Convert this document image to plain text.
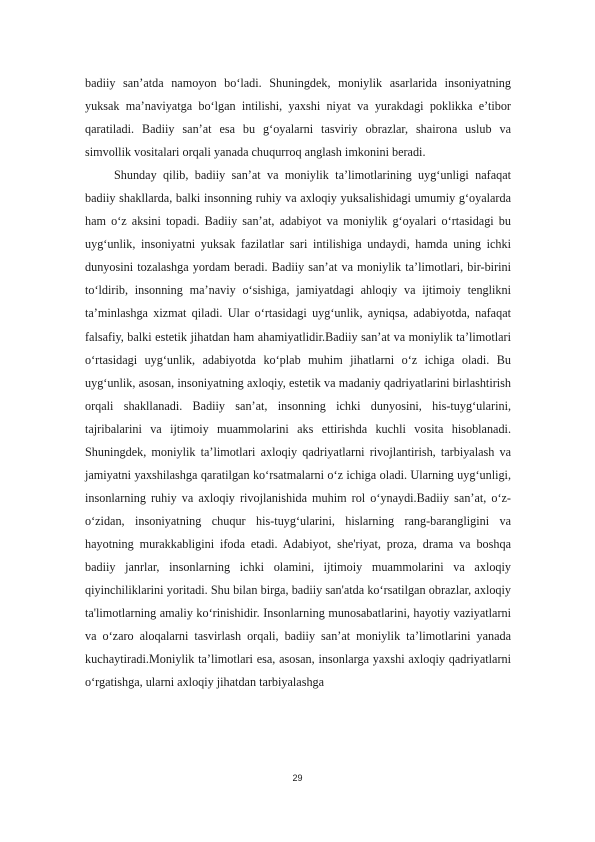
badiiy san’atda namoyon bo‘ladi. Shuningdek, moniylik asarlarida insoniyatning yuksak ma’naviyatga bo‘lgan intilishi, yaxshi niyat va yurakdagi poklikka e’tibor qaratiladi. Badiiy san’at esa bu g‘oyalarni tasviriy obrazlar, shairona uslub va simvollik vositalari orqali yanada chuqurroq anglash imkonini beradi.

Shunday qilib, badiiy san’at va moniylik ta’limotlarining uyg‘unligi nafaqat badiiy shakllarda, balki insonning ruhiy va axloqiy yuksalishidagi umumiy g‘oyalarda ham o‘z aksini topadi. Badiiy san’at, adabiyot va moniylik g‘oyalari o‘rtasidagi bu uyg‘unlik, insoniyatni yuksak fazilatlar sari intilishiga undaydi, hamda uning ichki dunyosini tozalashga yordam beradi. Badiiy san’at va moniylik ta’limotlari, bir-birini to‘ldirib, insonning ma’naviy o‘sishiga, jamiyatdagi ahloqiy va ijtimoiy tenglikni ta’minlashga xizmat qiladi. Ular o‘rtasidagi uyg‘unlik, ayniqsa, adabiyotda, nafaqat falsafiy, balki estetik jihatdan ham ahamiyatlidir.Badiiy san’at va moniylik ta’limotlari o‘rtasidagi uyg‘unlik, adabiyotda ko‘plab muhim jihatlarni o‘z ichiga oladi. Bu uyg‘unlik, asosan, insoniyatning axloqiy, estetik va madaniy qadriyatlarini birlashtirish orqali shakllanadi. Badiiy san’at, insonning ichki dunyosini, his-tuyg‘ularini, tajribalarini va ijtimoiy muammolarini aks ettirishda kuchli vosita hisoblanadi. Shuningdek, moniylik ta’limotlari axloqiy qadriyatlarni rivojlantirish, tarbiyalash va jamiyatni yaxshilashga qaratilgan ko‘rsatmalarni o‘z ichiga oladi. Ularning uyg‘unligi, insonlarning ruhiy va axloqiy rivojlanishida muhim rol o‘ynaydi.Badiiy san’at, o‘z-o‘zidan, insoniyatning chuqur his-tuyg‘ularini, hislarning rang-barangligini va hayotning murakkabligini ifoda etadi. Adabiyot, she'riyat, proza, drama va boshqa badiiy janrlar, insonlarning ichki olamini, ijtimoiy muammolarini va axloqiy qiyinchiliklarini yoritadi. Shu bilan birga, badiiy san'atda ko‘rsatilgan obrazlar, axloqiy ta'limotlarning amaliy ko‘rinishidir. Insonlarning munosabatlarini, hayotiy vaziyatlarni va o‘zaro aloqalarni tasvirlash orqali, badiiy san’at moniylik ta’limotlarini yanada kuchaytiradi.Moniylik ta’limotlari esa, asosan, insonlarga yaxshi axloqiy qadriyatlarni o‘rgatishga, ularni axloqiy jihatdan tarbiyalashga

29
